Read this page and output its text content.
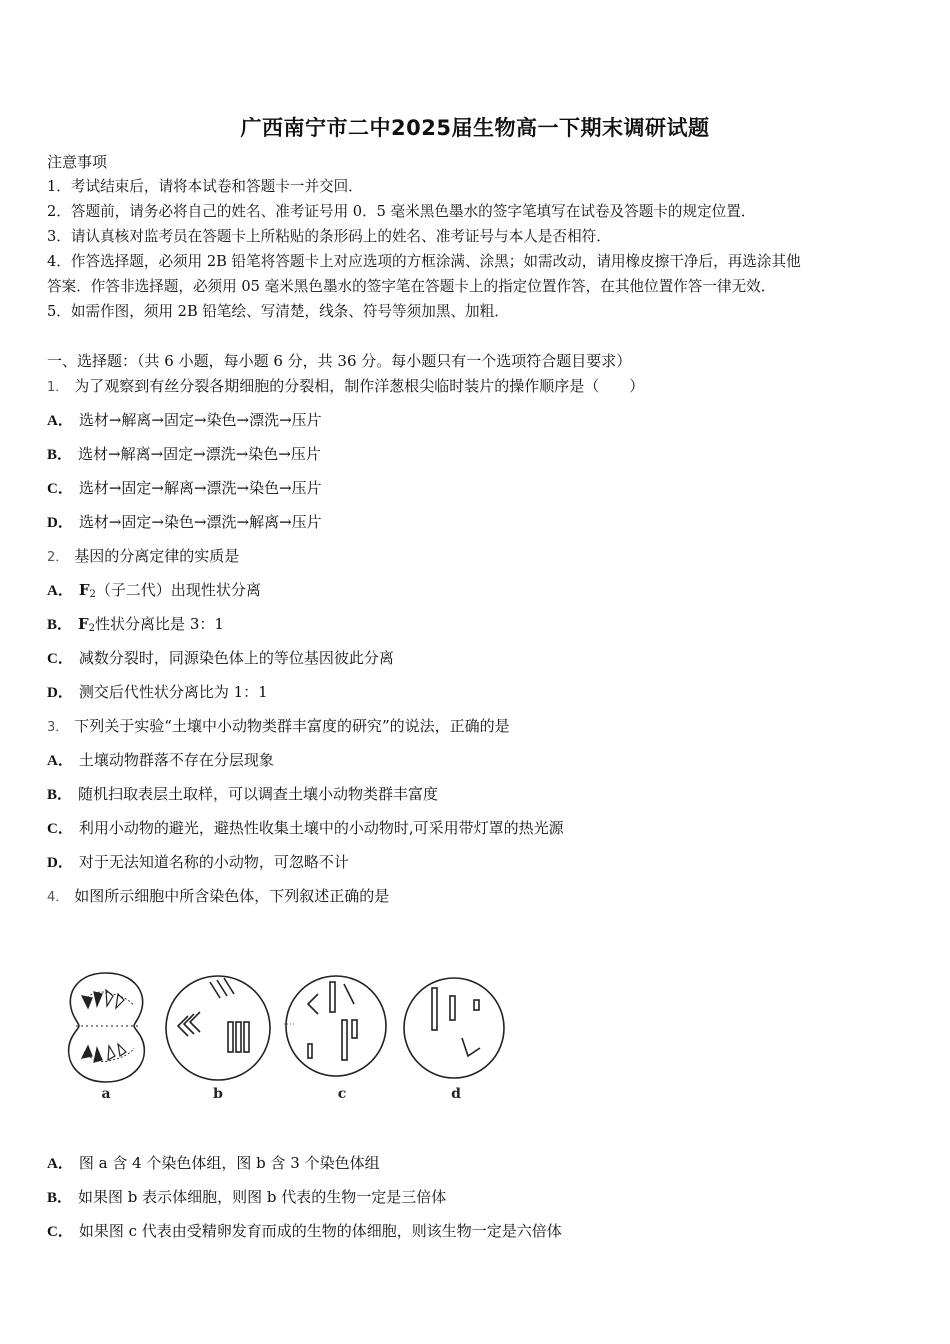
广西南宁市二中2025届生物高一下期末调研试题
注意事项
1．考试结束后，请将本试卷和答题卡一并交回．
2．答题前，请务必将自己的姓名、准考证号用 0．5 毫米黑色墨水的签字笔填写在试卷及答题卡的规定位置．
3．请认真核对监考员在答题卡上所粘贴的条形码上的姓名、准考证号与本人是否相符．
4．作答选择题，必须用 2B 铅笔将答题卡上对应选项的方框涂满、涂黑；如需改动，请用橡皮擦干净后，再选涂其他
答案．作答非选择题，必须用 05 毫米黑色墨水的签字笔在答题卡上的指定位置作答，在其他位置作答一律无效．
5．如需作图，须用 2B 铅笔绘、写清楚，线条、符号等须加黑、加粗．
一、选择题：（共 6 小题，每小题 6 分，共 36 分。每小题只有一个选项符合题目要求）
1． 为了观察到有丝分裂各期细胞的分裂相，制作洋葱根尖临时装片的操作顺序是（　　）
A． 选材→解离→固定→染色→漂洗→压片
B． 选材→解离→固定→漂洗→染色→压片
C． 选材→固定→解离→漂洗→染色→压片
D． 选材→固定→染色→漂洗→解离→压片
2． 基因的分离定律的实质是
A． $F_2$（子二代）出现性状分离
B． $F_2$性状分离比是 3：1
C． 减数分裂时，同源染色体上的等位基因彼此分离
D． 测交后代性状分离比为 1：1
3． 下列关于实验“土壤中小动物类群丰富度的研究”的说法，正确的是
A． 土壤动物群落不存在分层现象
B． 随机扫取表层土取样，可以调查土壤小动物类群丰富度
C． 利用小动物的避光，避热性收集土壤中的小动物时,可采用带灯罩的热光源
D． 对于无法知道名称的小动物，可忽略不计
4． 如图所示细胞中所含染色体，下列叙述正确的是
a	b	c	d
A． 图 a 含 4 个染色体组，图 b 含 3 个染色体组
B． 如果图 b 表示体细胞，则图 b 代表的生物一定是三倍体
C． 如果图 c 代表由受精卵发育而成的生物的体细胞，则该生物一定是六倍体
